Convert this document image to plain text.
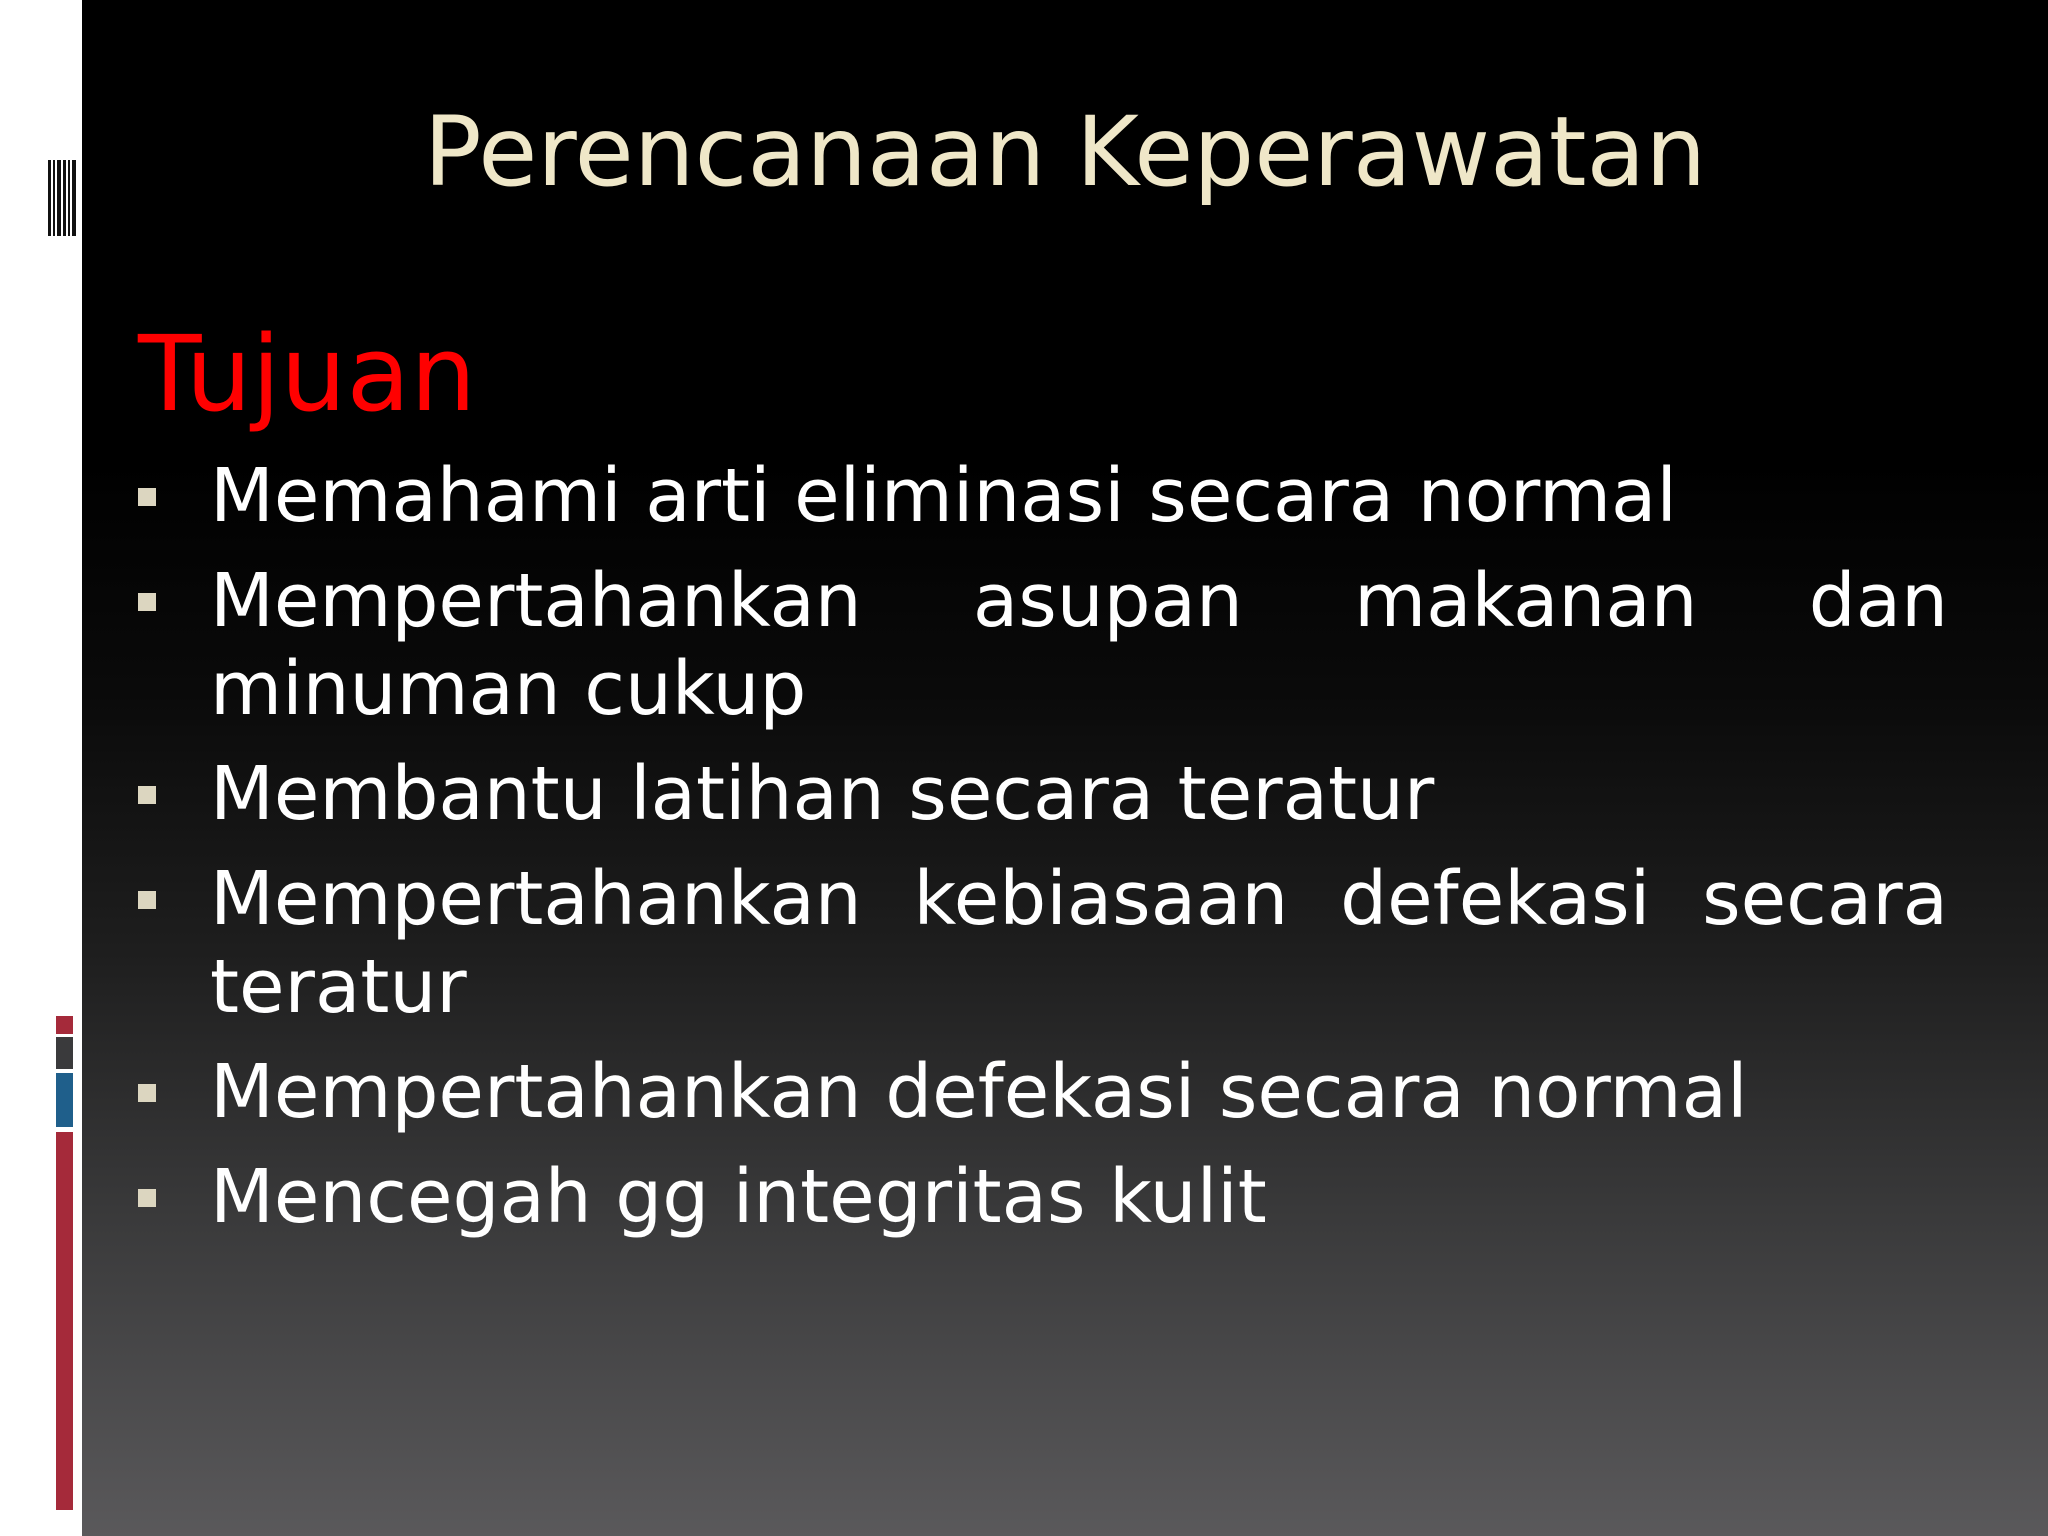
Perencanaan Keperawatan
Tujuan
Memahami arti eliminasi secara normal
Mempertahankan asupan makanan dan minuman cukup
Membantu latihan secara teratur
Mempertahankan kebiasaan defekasi secara teratur
Mempertahankan defekasi secara normal
Mencegah gg integritas kulit
